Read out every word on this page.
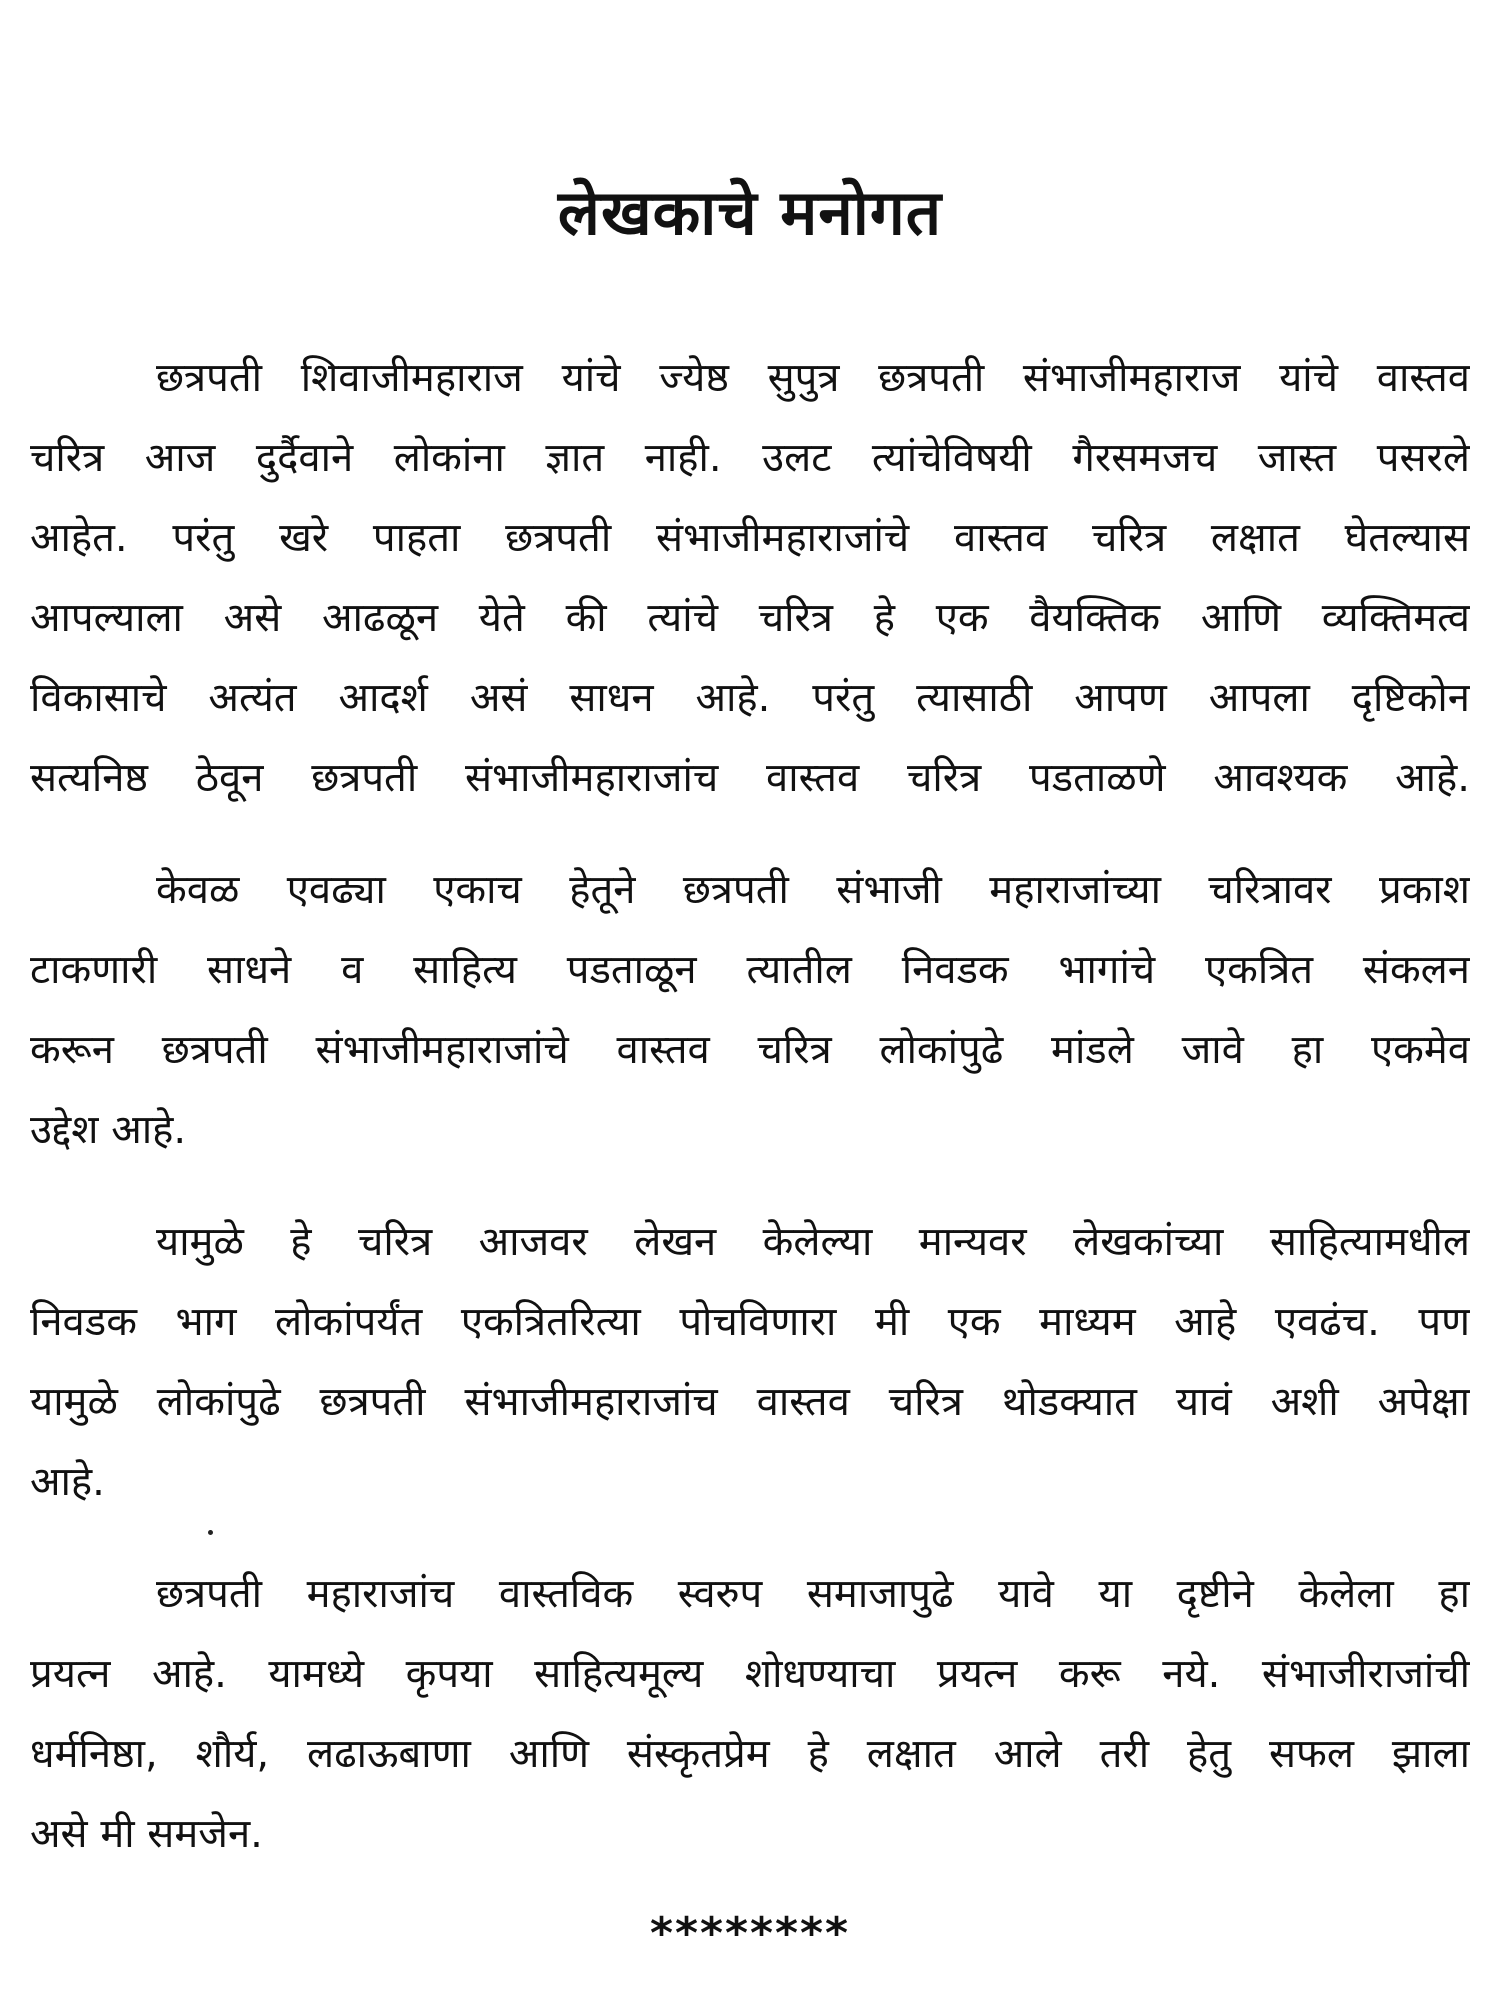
लेखकाचे मनोगत

छत्रपती शिवाजीमहाराज यांचे ज्येष्ठ सुपुत्र छत्रपती संभाजीमहाराज यांचे वास्तव
चरित्र आज दुर्दैवाने लोकांना ज्ञात नाही. उलट त्यांचेविषयी गैरसमजच जास्त पसरले
आहेत. परंतु खरे पाहता छत्रपती संभाजीमहाराजांचे वास्तव चरित्र लक्षात घेतल्यास
आपल्याला असे आढळून येते की त्यांचे चरित्र हे एक वैयक्तिक आणि व्यक्तिमत्व
विकासाचे अत्यंत आदर्श असं साधन आहे. परंतु त्यासाठी आपण आपला दृष्टिकोन
सत्यनिष्ठ ठेवून छत्रपती संभाजीमहाराजांच वास्तव चरित्र पडताळणे आवश्यक आहे.

केवळ एवढ्या एकाच हेतूने छत्रपती संभाजी महाराजांच्या चरित्रावर प्रकाश
टाकणारी साधने व साहित्य पडताळून त्यातील निवडक भागांचे एकत्रित संकलन
करून छत्रपती संभाजीमहाराजांचे वास्तव चरित्र लोकांपुढे मांडले जावे हा एकमेव
उद्देश आहे.

यामुळे हे चरित्र आजवर लेखन केलेल्या मान्यवर लेखकांच्या साहित्यामधील
निवडक भाग लोकांपर्यंत एकत्रितरित्या पोचविणारा मी एक माध्यम आहे एवढंच. पण
यामुळे लोकांपुढे छत्रपती संभाजीमहाराजांच वास्तव चरित्र थोडक्यात यावं अशी अपेक्षा
आहे.

छत्रपती महाराजांच वास्तविक स्वरुप समाजापुढे यावे या दृष्टीने केलेला हा
प्रयत्न आहे. यामध्ये कृपया साहित्यमूल्य शोधण्याचा प्रयत्न करू नये. संभाजीराजांची
धर्मनिष्ठा, शौर्य, लढाऊबाणा आणि संस्कृतप्रेम हे लक्षात आले तरी हेतु सफल झाला
असे मी समजेन.

********
